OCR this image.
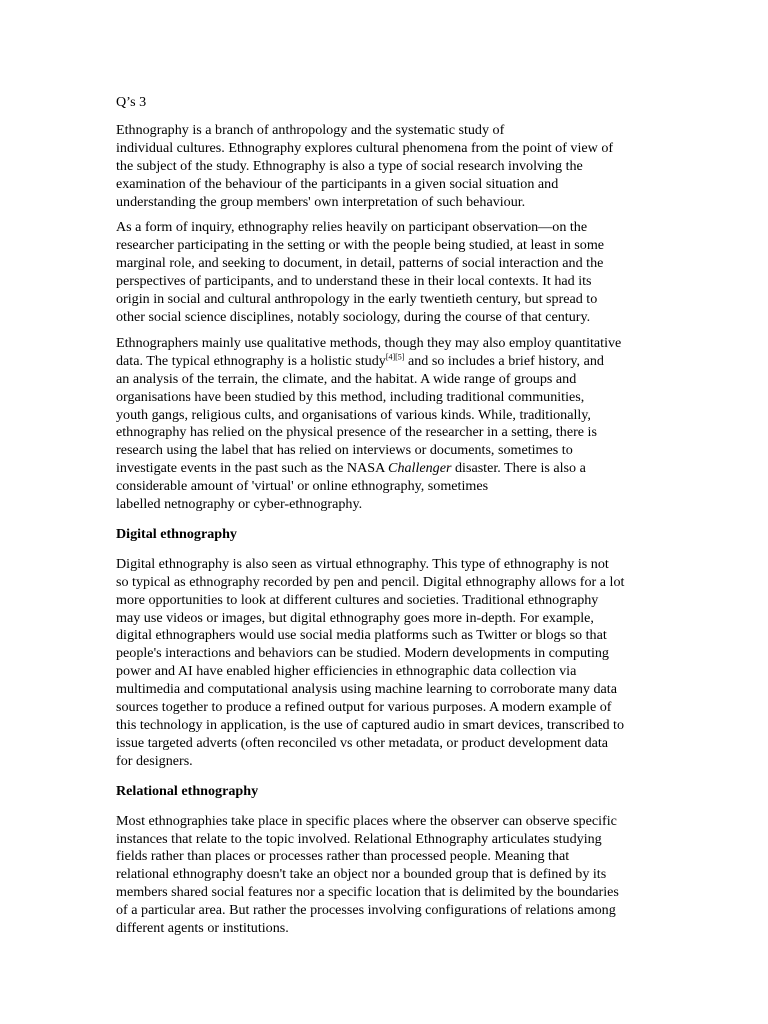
Q’s 3

Ethnography is a branch of anthropology and the systematic study of
individual cultures. Ethnography explores cultural phenomena from the point of view of
the subject of the study. Ethnography is also a type of social research involving the
examination of the behaviour of the participants in a given social situation and
understanding the group members' own interpretation of such behaviour.

As a form of inquiry, ethnography relies heavily on participant observation—on the
researcher participating in the setting or with the people being studied, at least in some
marginal role, and seeking to document, in detail, patterns of social interaction and the
perspectives of participants, and to understand these in their local contexts. It had its
origin in social and cultural anthropology in the early twentieth century, but spread to
other social science disciplines, notably sociology, during the course of that century.

Ethnographers mainly use qualitative methods, though they may also employ quantitative
data. The typical ethnography is a holistic study[4][5] and so includes a brief history, and
an analysis of the terrain, the climate, and the habitat. A wide range of groups and
organisations have been studied by this method, including traditional communities,
youth gangs, religious cults, and organisations of various kinds. While, traditionally,
ethnography has relied on the physical presence of the researcher in a setting, there is
research using the label that has relied on interviews or documents, sometimes to
investigate events in the past such as the NASA Challenger disaster. There is also a
considerable amount of 'virtual' or online ethnography, sometimes
labelled netnography or cyber-ethnography.

Digital ethnography

Digital ethnography is also seen as virtual ethnography. This type of ethnography is not
so typical as ethnography recorded by pen and pencil. Digital ethnography allows for a lot
more opportunities to look at different cultures and societies. Traditional ethnography
may use videos or images, but digital ethnography goes more in-depth. For example,
digital ethnographers would use social media platforms such as Twitter or blogs so that
people's interactions and behaviors can be studied. Modern developments in computing
power and AI have enabled higher efficiencies in ethnographic data collection via
multimedia and computational analysis using machine learning to corroborate many data
sources together to produce a refined output for various purposes. A modern example of
this technology in application, is the use of captured audio in smart devices, transcribed to
issue targeted adverts (often reconciled vs other metadata, or product development data
for designers.

Relational ethnography

Most ethnographies take place in specific places where the observer can observe specific
instances that relate to the topic involved. Relational Ethnography articulates studying
fields rather than places or processes rather than processed people. Meaning that
relational ethnography doesn't take an object nor a bounded group that is defined by its
members shared social features nor a specific location that is delimited by the boundaries
of a particular area. But rather the processes involving configurations of relations among
different agents or institutions.
